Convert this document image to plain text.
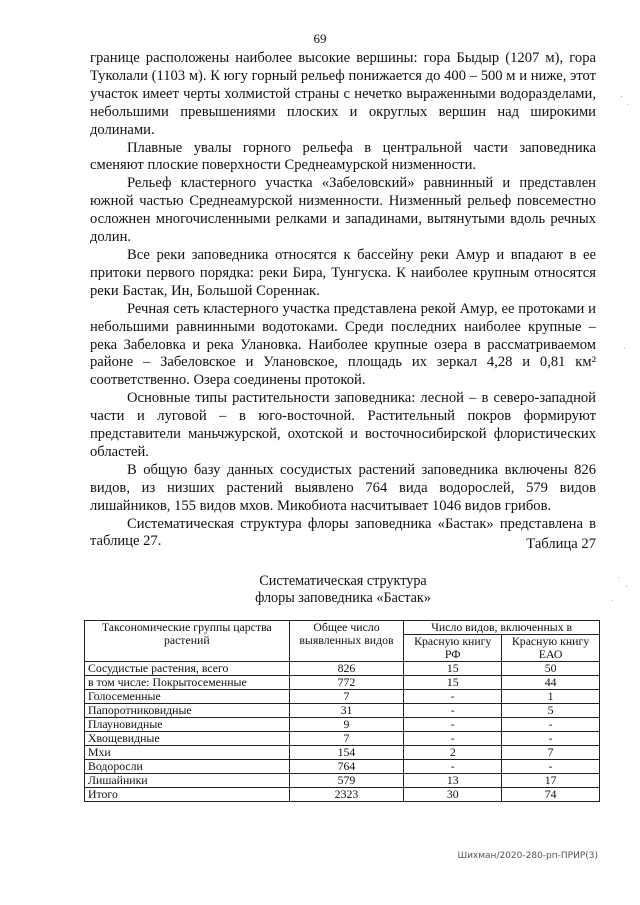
69

границе расположены наиболее высокие вершины: гора Быдыр (1207 м), гора Туколали (1103 м). К югу горный рельеф понижается до 400 – 500 м и ниже, этот участок имеет черты холмистой страны с нечетко выраженными водоразделами, небольшими превышениями плоских и округлых вершин над широкими долинами.

Плавные увалы горного рельефа в центральной части заповедника сменяют плоские поверхности Среднеамурской низменности.

Рельеф кластерного участка «Забеловский» равнинный и представлен южной частью Среднеамурской низменности. Низменный рельеф повсеместно осложнен многочисленными релками и западинами, вытянутыми вдоль речных долин.

Все реки заповедника относятся к бассейну реки Амур и впадают в ее притоки первого порядка: реки Бира, Тунгуска. К наиболее крупным относятся реки Бастак, Ин, Большой Сореннак.

Речная сеть кластерного участка представлена рекой Амур, ее протоками и небольшими равнинными водотоками. Среди последних наиболее крупные – река Забеловка и река Улановка. Наиболее крупные озера в рассматриваемом районе – Забеловское и Улановское, площадь их зеркал 4,28 и 0,81 км² соответственно. Озера соединены протокой.

Основные типы растительности заповедника: лесной – в северо-западной части и луговой – в юго-восточной. Растительный покров формируют представители маньчжурской, охотской и восточносибирской флористических областей.

В общую базу данных сосудистых растений заповедника включены 826 видов, из низших растений выявлено 764 вида водорослей, 579 видов лишайников, 155 видов мхов. Микобиота насчитывает 1046 видов грибов.

Систематическая структура флоры заповедника «Бастак» представлена в таблице 27.	Таблица 27
Систематическая структура
флоры заповедника «Бастак»
Таксономические группы царства растений	Общее число выявленных видов	Число видов, включенных в	
		Красную книгу РФ	Красную книгу ЕАО
Сосудистые растения, всего	826	15	50
в том числе: Покрытосеменные	772	15	44
Голосеменные	7	-	1
Папоротниковидные	31	-	5
Плауновидные	9	-	-
Хвощевидные	7	-	-
Мхи	154	2	7
Водоросли	764	-	-
Лишайники	579	13	17
Итого	2323	30	74
Шихман/2020-280-рп-ПРИР(3)
